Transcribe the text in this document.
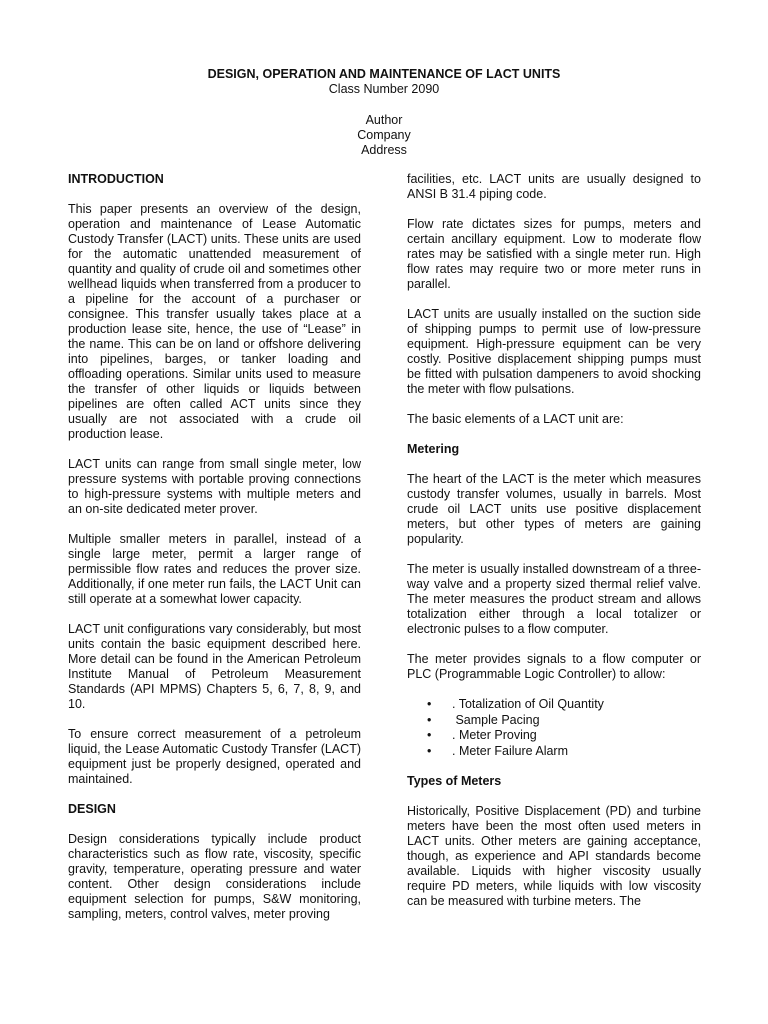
DESIGN, OPERATION AND MAINTENANCE OF LACT UNITS
Class Number 2090
Author
Company
Address
INTRODUCTION

This paper presents an overview of the design, operation and maintenance of Lease Automatic Custody Transfer (LACT) units. These units are used for the automatic unattended measurement of quantity and quality of crude oil and sometimes other wellhead liquids when transferred from a producer to a pipeline for the account of a purchaser or consignee. This transfer usually takes place at a production lease site, hence, the use of “Lease” in the name. This can be on land or offshore delivering into pipelines, barges, or tanker loading and offloading operations. Similar units used to measure the transfer of other liquids or liquids between pipelines are often called ACT units since they usually are not associated with a crude oil production lease.

LACT units can range from small single meter, low pressure systems with portable proving connections to high-pressure systems with multiple meters and an on-site dedicated meter prover.

Multiple smaller meters in parallel, instead of a single large meter, permit a larger range of permissible flow rates and reduces the prover size. Additionally, if one meter run fails, the LACT Unit can still operate at a somewhat lower capacity.

LACT unit configurations vary considerably, but most units contain the basic equipment described here. More detail can be found in the American Petroleum Institute Manual of Petroleum Measurement Standards (API MPMS) Chapters 5, 6, 7, 8, 9, and 10.

To ensure correct measurement of a petroleum liquid, the Lease Automatic Custody Transfer (LACT) equipment just be properly designed, operated and maintained.

DESIGN

Design considerations typically include product characteristics such as flow rate, viscosity, specific gravity, temperature, operating pressure and water content. Other design considerations include equipment selection for pumps, S&W monitoring, sampling, meters, control valves, meter proving

facilities, etc. LACT units are usually designed to ANSI B 31.4 piping code.

Flow rate dictates sizes for pumps, meters and certain ancillary equipment. Low to moderate flow rates may be satisfied with a single meter run. High flow rates may require two or more meter runs in parallel.

LACT units are usually installed on the suction side of shipping pumps to permit use of low-pressure equipment. High-pressure equipment can be very costly. Positive displacement shipping pumps must be fitted with pulsation dampeners to avoid shocking the meter with flow pulsations.

The basic elements of a LACT unit are:

Metering

The heart of the LACT is the meter which measures custody transfer volumes, usually in barrels. Most crude oil LACT units use positive displacement meters, but other types of meters are gaining popularity.

The meter is usually installed downstream of a three-way valve and a property sized thermal relief valve. The meter measures the product stream and allows totalization either through a local totalizer or electronic pulses to a flow computer.

The meter provides signals to a flow computer or PLC (Programmable Logic Controller) to allow:

• . Totalization of Oil Quantity
• Sample Pacing
• . Meter Proving
• . Meter Failure Alarm
Types of Meters

Historically, Positive Displacement (PD) and turbine meters have been the most often used meters in LACT units. Other meters are gaining acceptance, though, as experience and API standards become available. Liquids with higher viscosity usually require PD meters, while liquids with low viscosity can be measured with turbine meters. The
